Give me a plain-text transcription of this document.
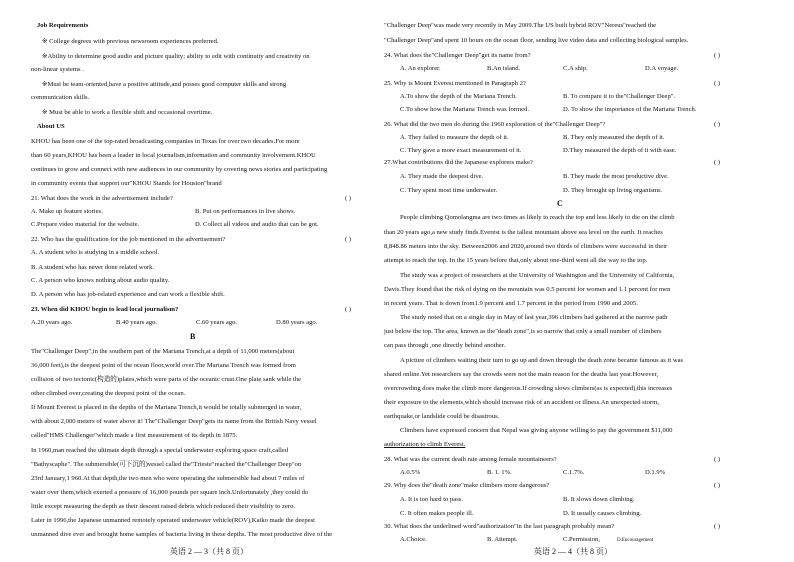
Job Requirements
※ College degrees with previous newsroom experiences preferred.
※Ability to determine good audio and picture quality; ability to edit with continuity and creativity on
non-linear systems .
※Must be team-oriented,have a positive attitude,and posses good computer skills and strong
communication skills.
※ Must be able to work a flexible shift and occasional overtime.
About US
KHOU has been one of the top-rated broadcasting companies in Texas for over two decades.For more
than 60 years,KHOU has been a leader in local journalism,information and community involvement.KHOU
continues to grow and connect with new audiences in our community by covering news stories and participating
in community events that support our"KHOU Stands for Houston"brand
21. What does the work in the advertisement include?	( )
A. Make up feature stories.	B. Put on performances in live shows.
C.Prepare video material for the website.	D. Collect all videos and audio that can be got.
22. Who has the qualification for the job mentioned in the advertisement?	( )
A. A student who is studying in a middle school.
B. A student who has never done related work.
C. A person who knows nothing about audio quality.
D. A person who has job-related experience and can work a flexible shift.
23. When did KHOU begin to lead local journalism?	( )
A.20 years ago.	B.40 years ago.	C.60 years ago.	D.80 years ago.
B
The"Challenger Deep",in the southern part of the Mariana Trench,at a depth of 11,000 meters(about
36,000 feet),is the deepest point of the ocean floor,world over.The Mariana Trench was formed from
collision of two tectonic(构造的)plates,which were parts of the oceanic crust.One plate sank while the
other climbed over,creating the deepest point of the ocean.
If Mount Everest is placed in the depths of the Mariana Trench,it would be totally submerged in water,
with about 2,000 meters of water above it! The"Challenger Deep"gets its name from the British Navy vessel
called"HMS Challenger"which made a first measurement of its depth in 1875.
In 1960,man reached the ultimate depth through a special underwater exploring space craft,called
"Bathyscaphe". The submersible(可下沉的)vessel called the"Trieste"reached the"Challenger Deep"on
23rd January,1 960.At that depth,the two men who were operating the submersible had about 7 miles of
water over them,which exerted a pressure of 16,000 pounds per square inch.Unfortunately ,they could do
little except measuring the depth as their descent raised debris which reduced their visibility to zero.
Later in 1996,the Japanese unmanned remotely operated underwater vehicle(ROV),Kaiko made the deepest
unmanned dive ever and brought home samples of bacteria living in these depths. The most productive dive of the
英语 2 — 3（共 8 页）
"Challenger Deep"was made very recently in May 2009.The US built hybrid ROV"Nereus"reached the
"Challenger Deep"and spent 10 hours on the ocean floor, sending live video data and collecting biological samples.
24. What does the"Challenger Deep"get its name from?	( )
A. An explorer.	B.An island.	C.A ship.	D.A voyage.
25. Why is Mount Everest mentioned in Paragraph 2?	( )
A.To show the depth of the Mariana Trench.	B. To compare it to the"Challenger Deep".
C.To show how the Mariana Trench was formed.	D. To show the importance of the Mariana Trench.
26. What did the two men do during the 1960 exploration of the"Challenger Deep"?	( )
A. They failed to measure the depth of it.	B. They only measured the depth of it.
C. They gave a more exact measurement of it.	D.They measured the depth of it with ease.
27.What contributions did the Japanese explorers make?	( )
A. They made the deepest dive.	B. They made the most productive dive.
C. They spent most time underwater.	D. They brought up living organisms.
C
People climbing Qomolangma are two times as likely to reach the top and less likely to die on the climb
than 20 years ago,a new study finds.Everest is the tallest mountain above sea level on the earth. It reaches
8,848.86 meters into the sky. Between2006 and 2020,around two thirds of climbers were successful in their
attempt to reach the top. In the 15 years before that,only about one-third went all the way to the top.
The study was a project of researchers at the University of Washington and the University of California,
Davis.They found that the risk of dying on the mountain was 0.5 percent for women and 1.1 percent for men
in recent years. That is down from1.9 percent and 1.7 percent in the period from 1990 and 2005.
The study noted that on a single day in May of last year,396 climbers had gathered at the narrow path
just below the top. The area, known as the"death zone",is so narrow that only a small number of climbers
can pass through ,one directly behind another.
A picture of climbers waiting their turn to go up and down through the death zone became famous as it was
shared online.Yet researchers say the crowds were not the main reason for the deaths last year.However,
overcrowding does make the climb more dangerous.If crowding slows climbers(as is expected),this increases
their exposure to the elements,which should increase risk of an accident or illness.An unexpected storm,
earthquake,or landslide could be disastrous.
Climbers have expressed concern that Nepal was giving anyone willing to pay the government $11,000
authorization to climb Everest.
28. What was the current death rate among female mountaineers?	( )
A.0.5%	B. 1. 1%.	C.1.7%.	D.1.9%
29. Why does the"death zone"make climbers more dangerous?	( )
A. It is too hard to pass.	B. It slows down climbing.
C. It often makes people ill.	D. It usually causes climbing.
30. What does the underlined word"authorization"in the last paragraph probably mean?	( )
A.Choice.	B. Attempt.	C.Permission,	D.Encouragement
英语 2 — 4（共 8 页）
